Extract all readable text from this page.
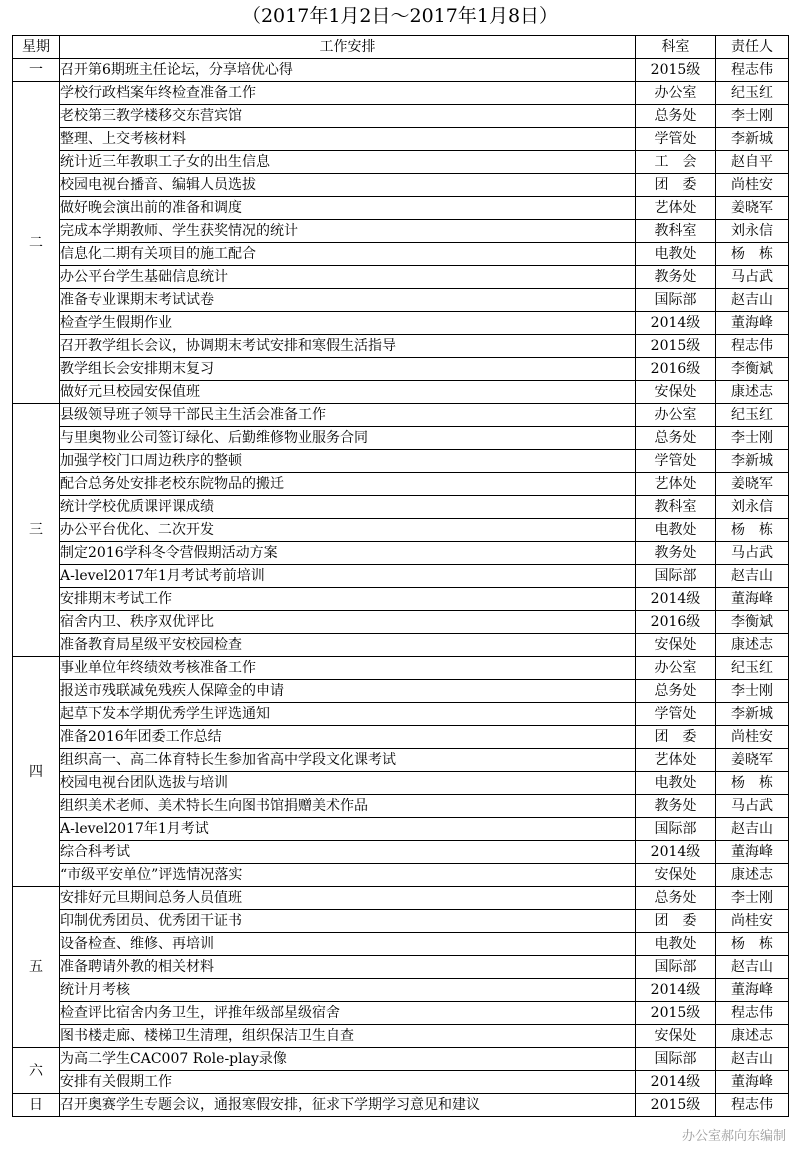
（2017年1月2日～2017年1月8日）
星期	工作安排	科室	责任人
一	召开第6期班主任论坛，分享培优心得	2015级	程志伟
二	学校行政档案年终检查准备工作	办公室	纪玉红
	老校第三教学楼移交东营宾馆	总务处	李士刚
	整理、上交考核材料	学管处	李新城
	统计近三年教职工子女的出生信息	工　会	赵自平
	校园电视台播音、编辑人员选拔	团　委	尚桂安
	做好晚会演出前的准备和调度	艺体处	姜晓军
	完成本学期教师、学生获奖情况的统计	教科室	刘永信
	信息化二期有关项目的施工配合	电教处	杨　栋
	办公平台学生基础信息统计	教务处	马占武
	准备专业课期末考试试卷	国际部	赵吉山
	检查学生假期作业	2014级	董海峰
	召开教学组长会议，协调期末考试安排和寒假生活指导	2015级	程志伟
	教学组长会安排期末复习	2016级	李衡斌
	做好元旦校园安保值班	安保处	康述志
三	县级领导班子领导干部民主生活会准备工作	办公室	纪玉红
	与里奥物业公司签订绿化、后勤维修物业服务合同	总务处	李士刚
	加强学校门口周边秩序的整顿	学管处	李新城
	配合总务处安排老校东院物品的搬迁	艺体处	姜晓军
	统计学校优质课评课成绩	教科室	刘永信
	办公平台优化、二次开发	电教处	杨　栋
	制定2016学科冬令营假期活动方案	教务处	马占武
	A-level2017年1月考试考前培训	国际部	赵吉山
	安排期末考试工作	2014级	董海峰
	宿舍内卫、秩序双优评比	2016级	李衡斌
	准备教育局星级平安校园检查	安保处	康述志
四	事业单位年终绩效考核准备工作	办公室	纪玉红
	报送市残联减免残疾人保障金的申请	总务处	李士刚
	起草下发本学期优秀学生评选通知	学管处	李新城
	准备2016年团委工作总结	团　委	尚桂安
	组织高一、高二体育特长生参加省高中学段文化课考试	艺体处	姜晓军
	校园电视台团队选拔与培训	电教处	杨　栋
	组织美术老师、美术特长生向图书馆捐赠美术作品	教务处	马占武
	A-level2017年1月考试	国际部	赵吉山
	综合科考试	2014级	董海峰
	“市级平安单位”评选情况落实	安保处	康述志
五	安排好元旦期间总务人员值班	总务处	李士刚
	印制优秀团员、优秀团干证书	团　委	尚桂安
	设备检查、维修、再培训	电教处	杨　栋
	准备聘请外教的相关材料	国际部	赵吉山
	统计月考核	2014级	董海峰
	检查评比宿舍内务卫生，评推年级部星级宿舍	2015级	程志伟
	图书楼走廊、楼梯卫生清理，组织保洁卫生自查	安保处	康述志
六	为高二学生CAC007 Role-play录像	国际部	赵吉山
	安排有关假期工作	2014级	董海峰
日	召开奥赛学生专题会议，通报寒假安排，征求下学期学习意见和建议	2015级	程志伟
办公室郝向东编制
